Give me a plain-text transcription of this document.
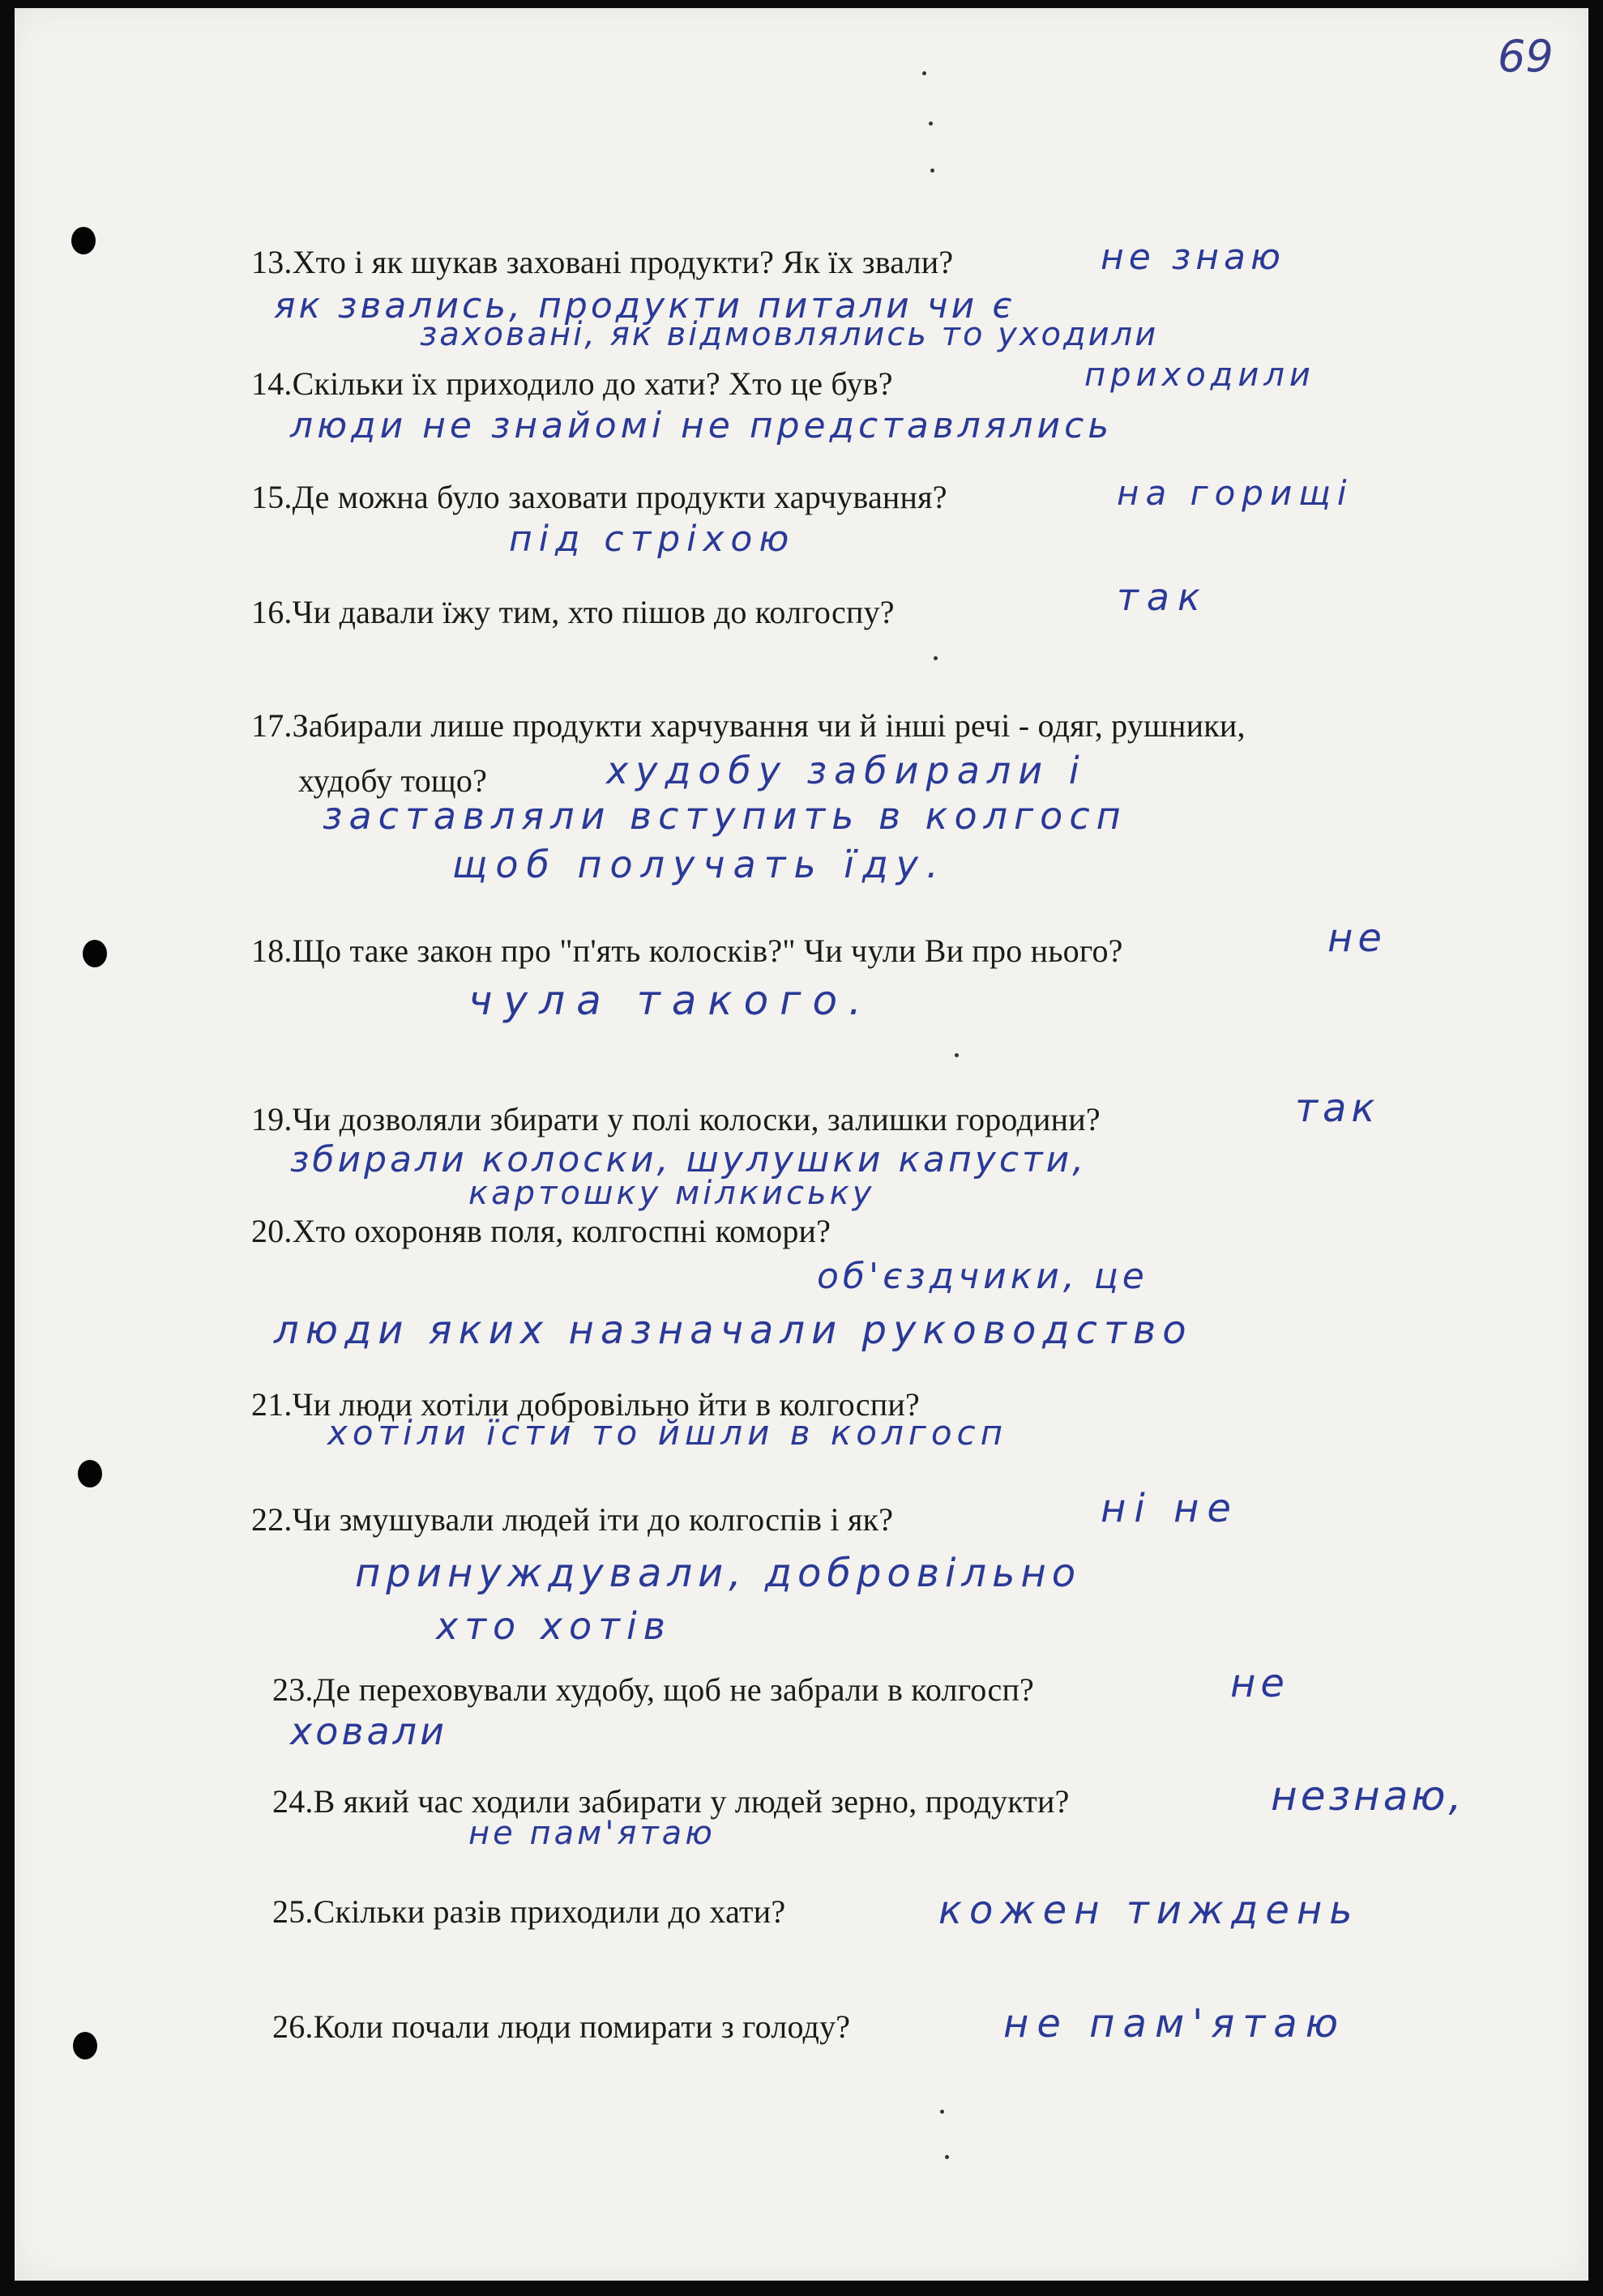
69
13.Хто і як шукав заховані продукти? Як їх звали?	не знаю
як звались, продукти питали чи є
заховані, як відмовлялись то уходили
14.Скільки їх приходило до хати? Хто це був?	приходили
люди не знайомі не представлялись
15.Де можна було заховати продукти харчування?	на горищі
під стріхою
16.Чи давали їжу тим, хто пішов до колгоспу?	так
17.Забирали лише продукти харчування чи й інші речі - одяг, рушники,
худобу тощо?	худобу забирали і
заставляли вступить в колгосп
щоб получать їду.
18.Що таке закон про "п'ять колосків?" Чи чули Ви про нього?	не
чула такого.
19.Чи дозволяли збирати у полі колоски, залишки городини?	так
збирали колоски, шулушки капусти,
картошку мілкиську
20.Хто охороняв поля, колгоспні комори?
об'єздчики, це
люди яких назначали руководство
21.Чи люди хотіли добровільно йти в колгоспи?
хотіли їсти то йшли в колгосп
22.Чи змушували людей іти до колгоспів і як?	ні не
принуждували, добровільно
хто хотів
23.Де переховували худобу, щоб не забрали в колгосп?	не
ховали
24.В який час ходили забирати у людей зерно, продукти?	незнаю,
не пам'ятаю
25.Скільки разів приходили до хати?	кожен тиждень
26.Коли почали люди помирати з голоду?	не пам'ятаю
